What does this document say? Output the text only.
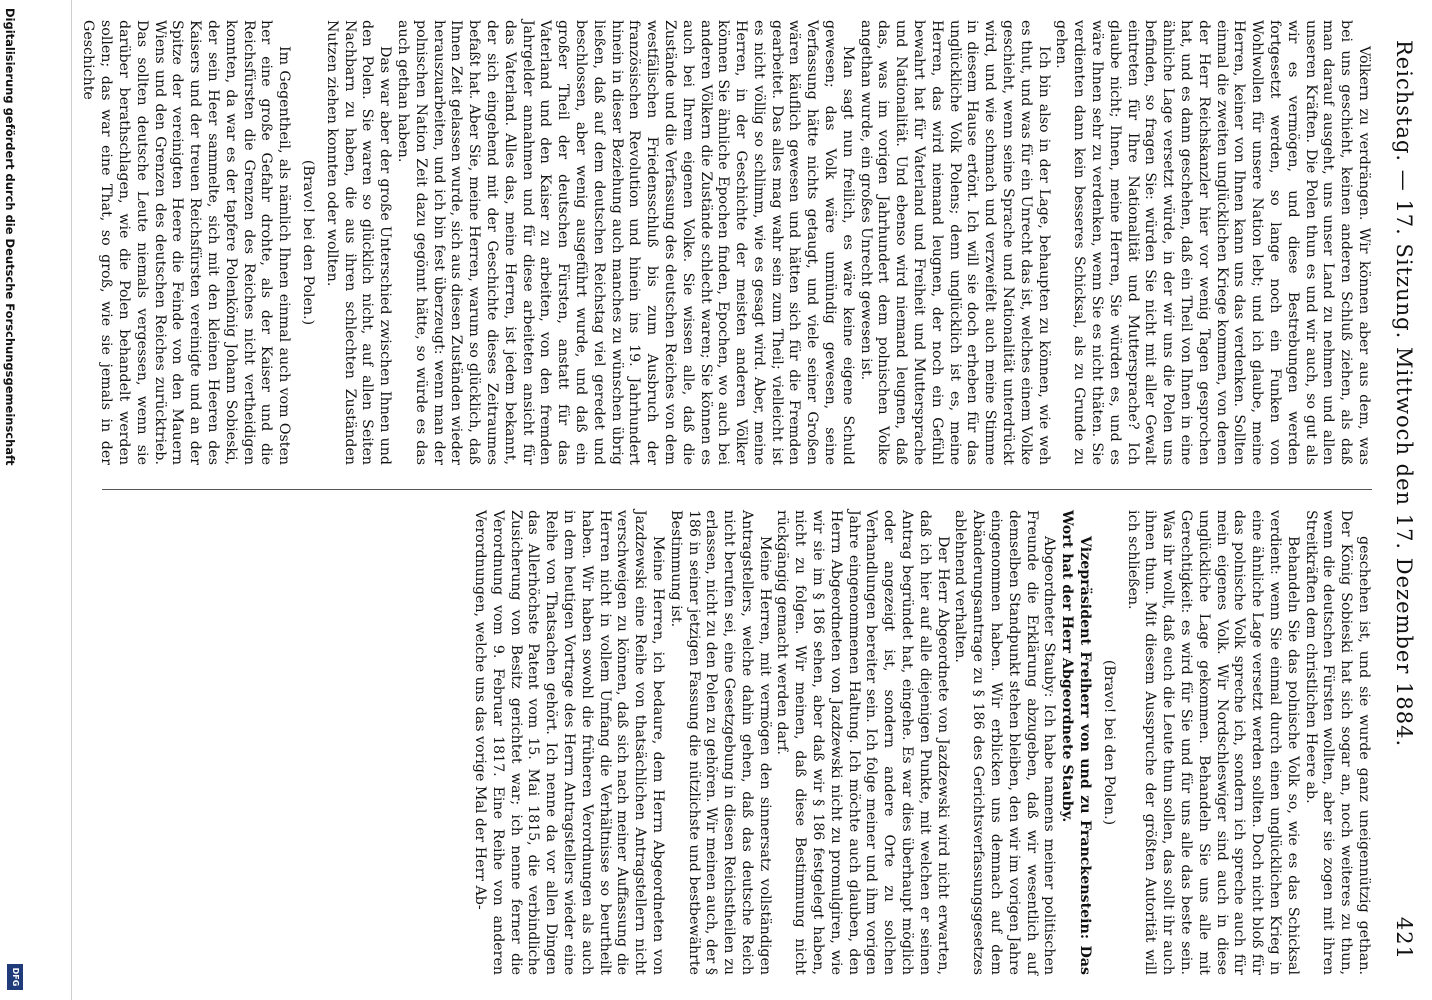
Reichstag. — 17. Sitzung. Mittwoch den 17. Dezember 1884.
421

Völkern zu verdrängen. Wir können aber aus dem, was bei uns geschieht, keinen anderen Schluß ziehen, als daß man darauf ausgeht, uns unser Land zu nehmen und allen unseren Kräften. Die Polen thun es und wir auch, so gut als wir es vermögen, und diese Bestrebungen werden fortgesetzt werden, so lange noch ein Funken von Wohlwollen für unsere Nation lebt; und ich glaube, meine Herren, keiner von Ihnen kann uns das verdenken. Sollten einmal die zweiten unglücklichen Kriege kommen, von denen der Herr Reichskanzler hier vor wenig Tagen gesprochen hat, und es dann geschehen, daß ein Theil von Ihnen in eine ähnliche Lage versetzt würde, in der wir uns die Polen uns befinden, so fragen Sie: würden Sie nicht mit aller Gewalt eintreten für Ihre Nationalität und Muttersprache? Ich glaube nicht; Ihnen, meine Herren, Sie würden es, und es wäre Ihnen sehr zu verdenken, wenn Sie es nicht thäten. Sie verdienten dann kein besseres Schicksal, als zu Grunde zu gehen.

Ich bin also in der Lage, behaupten zu können, wie weh es thut, und was für ein Unrecht das ist, welches einem Volke geschieht, wenn seine Sprache und Nationalität unterdrückt wird, und wie schmach und verzweifelt auch meine Stimme in diesem Hause ertönt. Ich will sie doch erheben für das unglückliche Volk Polens; denn unglücklich ist es, meine Herren, das wird niemand leugnen, der noch ein Gefühl bewahrt hat für Vaterland und Freiheit und Muttersprache und Nationalität. Und ebenso wird niemand leugnen, daß das, was im vorigen Jahrhundert dem polnischen Volke angethan wurde, ein großes Unrecht gewesen ist.

Man sagt nun freilich, es wäre keine eigene Schuld gewesen; das Volk wäre unmündig gewesen, seine Verfassung hätte nichts getaugt, und viele seiner Großen wären käuflich gewesen und hätten sich für die Fremden gearbeitet. Das alles mag wahr sein zum Theil; vielleicht ist es nicht völlig so schlimm, wie es gesagt wird. Aber, meine Herren, in der Geschichte der meisten anderen Völker können Sie ähnliche Epochen finden, Epochen, wo auch bei anderen Völkern die Zustände schlecht waren; Sie können es auch bei Ihrem eigenen Volke. Sie wissen alle, daß die Zustände und die Verfassung des deutschen Reiches von dem westfälischen Friedensschluß bis zum Ausbruch der französischen Revolution und hinein ins 19. Jahrhundert hinein in dieser Beziehung auch manches zu wünschen übrig ließen, daß auf dem deutschen Reichstag viel geredet und beschlossen, aber wenig ausgeführt wurde, und daß ein großer Theil der deutschen Fürsten, anstatt für das Vaterland und den Kaiser zu arbeiten, von den fremden Jahrgelder annahmen und für diese arbeiteten ansicht für das Vaterland. Alles das, meine Herren, ist jedem bekannt, der sich eingehend mit der Geschichte dieses Zeitraumes befaßt hat. Aber Sie, meine Herren, warum so glücklich, daß Ihnen Zeit gelassen wurde, sich aus diesen Zuständen wieder herauszuarbeiten, und ich bin fest überzeugt: wenn man der polnischen Nation Zeit dazu gegönnt hätte, so würde es das auch gethan haben.

Das war aber der große Unterschied zwischen Ihnen und den Polen. Sie waren so glücklich nicht, auf allen Seiten Nachbarn zu haben, die aus ihren schlechten Zuständen Nutzen ziehen konnten oder wollten.

(Bravo! bei den Polen.)

Im Gegentheil, als nämlich Ihnen einmal auch vom Osten her eine große Gefahr drohte, als der Kaiser und die Reichsfürsten die Grenzen des Reiches nicht vertheidigen konnten, da war es der tapfere Polenkönig Johann Sobieski, der sein Heer sammelte, sich mit den kleinen Heeren des Kaisers und der treuen Reichsfürsten vereinigte und an der Spitze der vereinigten Heere die Feinde von den Mauern Wiens und den Grenzen des deutschen Reiches zurücktrieb. Das sollten deutsche Leute niemals vergessen, wenn sie darüber berathschlagen, wie die Polen behandelt werden sollen; das war eine That, so groß, wie sie jemals in der Geschichte

geschehen ist, und sie wurde ganz uneigennützig gethan. Der König Sobieski hat sich sogar an, noch weiteres zu thun, wenn die deutschen Fürsten wollten, aber sie zogen mit ihren Streitkräften dem christlichen Heere ab.

Behandeln Sie das polnische Volk so, wie es das Schicksal verdient: wenn Sie einmal durch einen unglücklichen Krieg in eine ähnliche Lage versetzt werden sollten. Doch nicht bloß für das polnische Volk spreche ich, sondern ich spreche auch für mein eigenes Volk. Wir Nordschleswiger sind auch in diese unglückliche Lage gekommen. Behandeln Sie uns alle mit Gerechtigkeit: es wird für Sie und für uns alle das beste sein. Was ihr wollt, daß euch die Leute thun sollen, das sollt ihr auch ihnen thun. Mit diesem Ausspruche der größten Autorität will ich schließen.

(Bravo! bei den Polen.)

Vizepräsident Freiherr von und zu Franckenstein: Das Wort hat der Herr Abgeordnete Stauby.

Abgeordneter Stauby: Ich habe namens meiner politischen Freunde die Erklärung abzugeben, daß wir wesentlich auf demselben Standpunkt stehen bleiben, den wir im vorigen Jahre eingenommen haben. Wir erblicken uns demnach auf dem Abänderungsantrage zu § 186 des Gerichtsverfassungsgesetzes ablehnend verhalten.

Der Herr Abgeordnete von Jazdzewski wird nicht erwarten, daß ich hier auf alle diejenigen Punkte, mit welchen er seinen Antrag begründet hat, eingehe. Es war dies überhaupt möglich oder angezeigt ist, sondern andere Orte zu solchen Verhandlungen bereiter sein. Ich folge meiner und ihm vorigen Jahre eingenommenen Haltung. Ich möchte auch glauben, den Herrn Abgeordneten von Jazdzewski nicht zu promulgiren, wie wir sie im § 186 sehen, aber daß wir § 186 festgelegt haben, nicht zu folgen. Wir meinen, daß diese Bestimmung nicht rückgängig gemacht werden darf.

Meine Herren, mit vermögen den sinnersatz vollständigen Antragstellers, welche dahin gehen, daß das deutsche Reich nicht berufen sei, eine Gesetzgebung in diesen Reichstheilen zu erlassen, nicht zu den Polen zu gehören. Wir meinen auch, der § 186 in seiner jetzigen Fassung die nützlichste und bestbewährte Bestimmung ist.

Meine Herren, ich bedaure, dem Herrn Abgeordneten von Jazdzewski eine Reihe von thatsächlichen Antragstellern nicht verschweigen zu können, daß sich nach meiner Auffassung die Herren nicht in vollem Umfang die Verhältnisse so beurtheilt haben. Wir haben sowohl die früheren Verordnungen als auch in dem heutigen Vortrage des Herrn Antragstellers wieder eine Reihe von Thatsachen gehört. Ich nenne da vor allen Dingen das Allerhöchste Patent vom 15. Mai 1815, die verbindliche Zusicherung von Besitz gerichtet war; ich nenne ferner die Verordnung vom 9. Februar 1817. Eine Reihe von anderen Verordnungen, welche uns das vorige Mal der Herr Ab-

Digitalisierung gefördert durch die Deutsche Forschungsgemeinschaft
DFG
